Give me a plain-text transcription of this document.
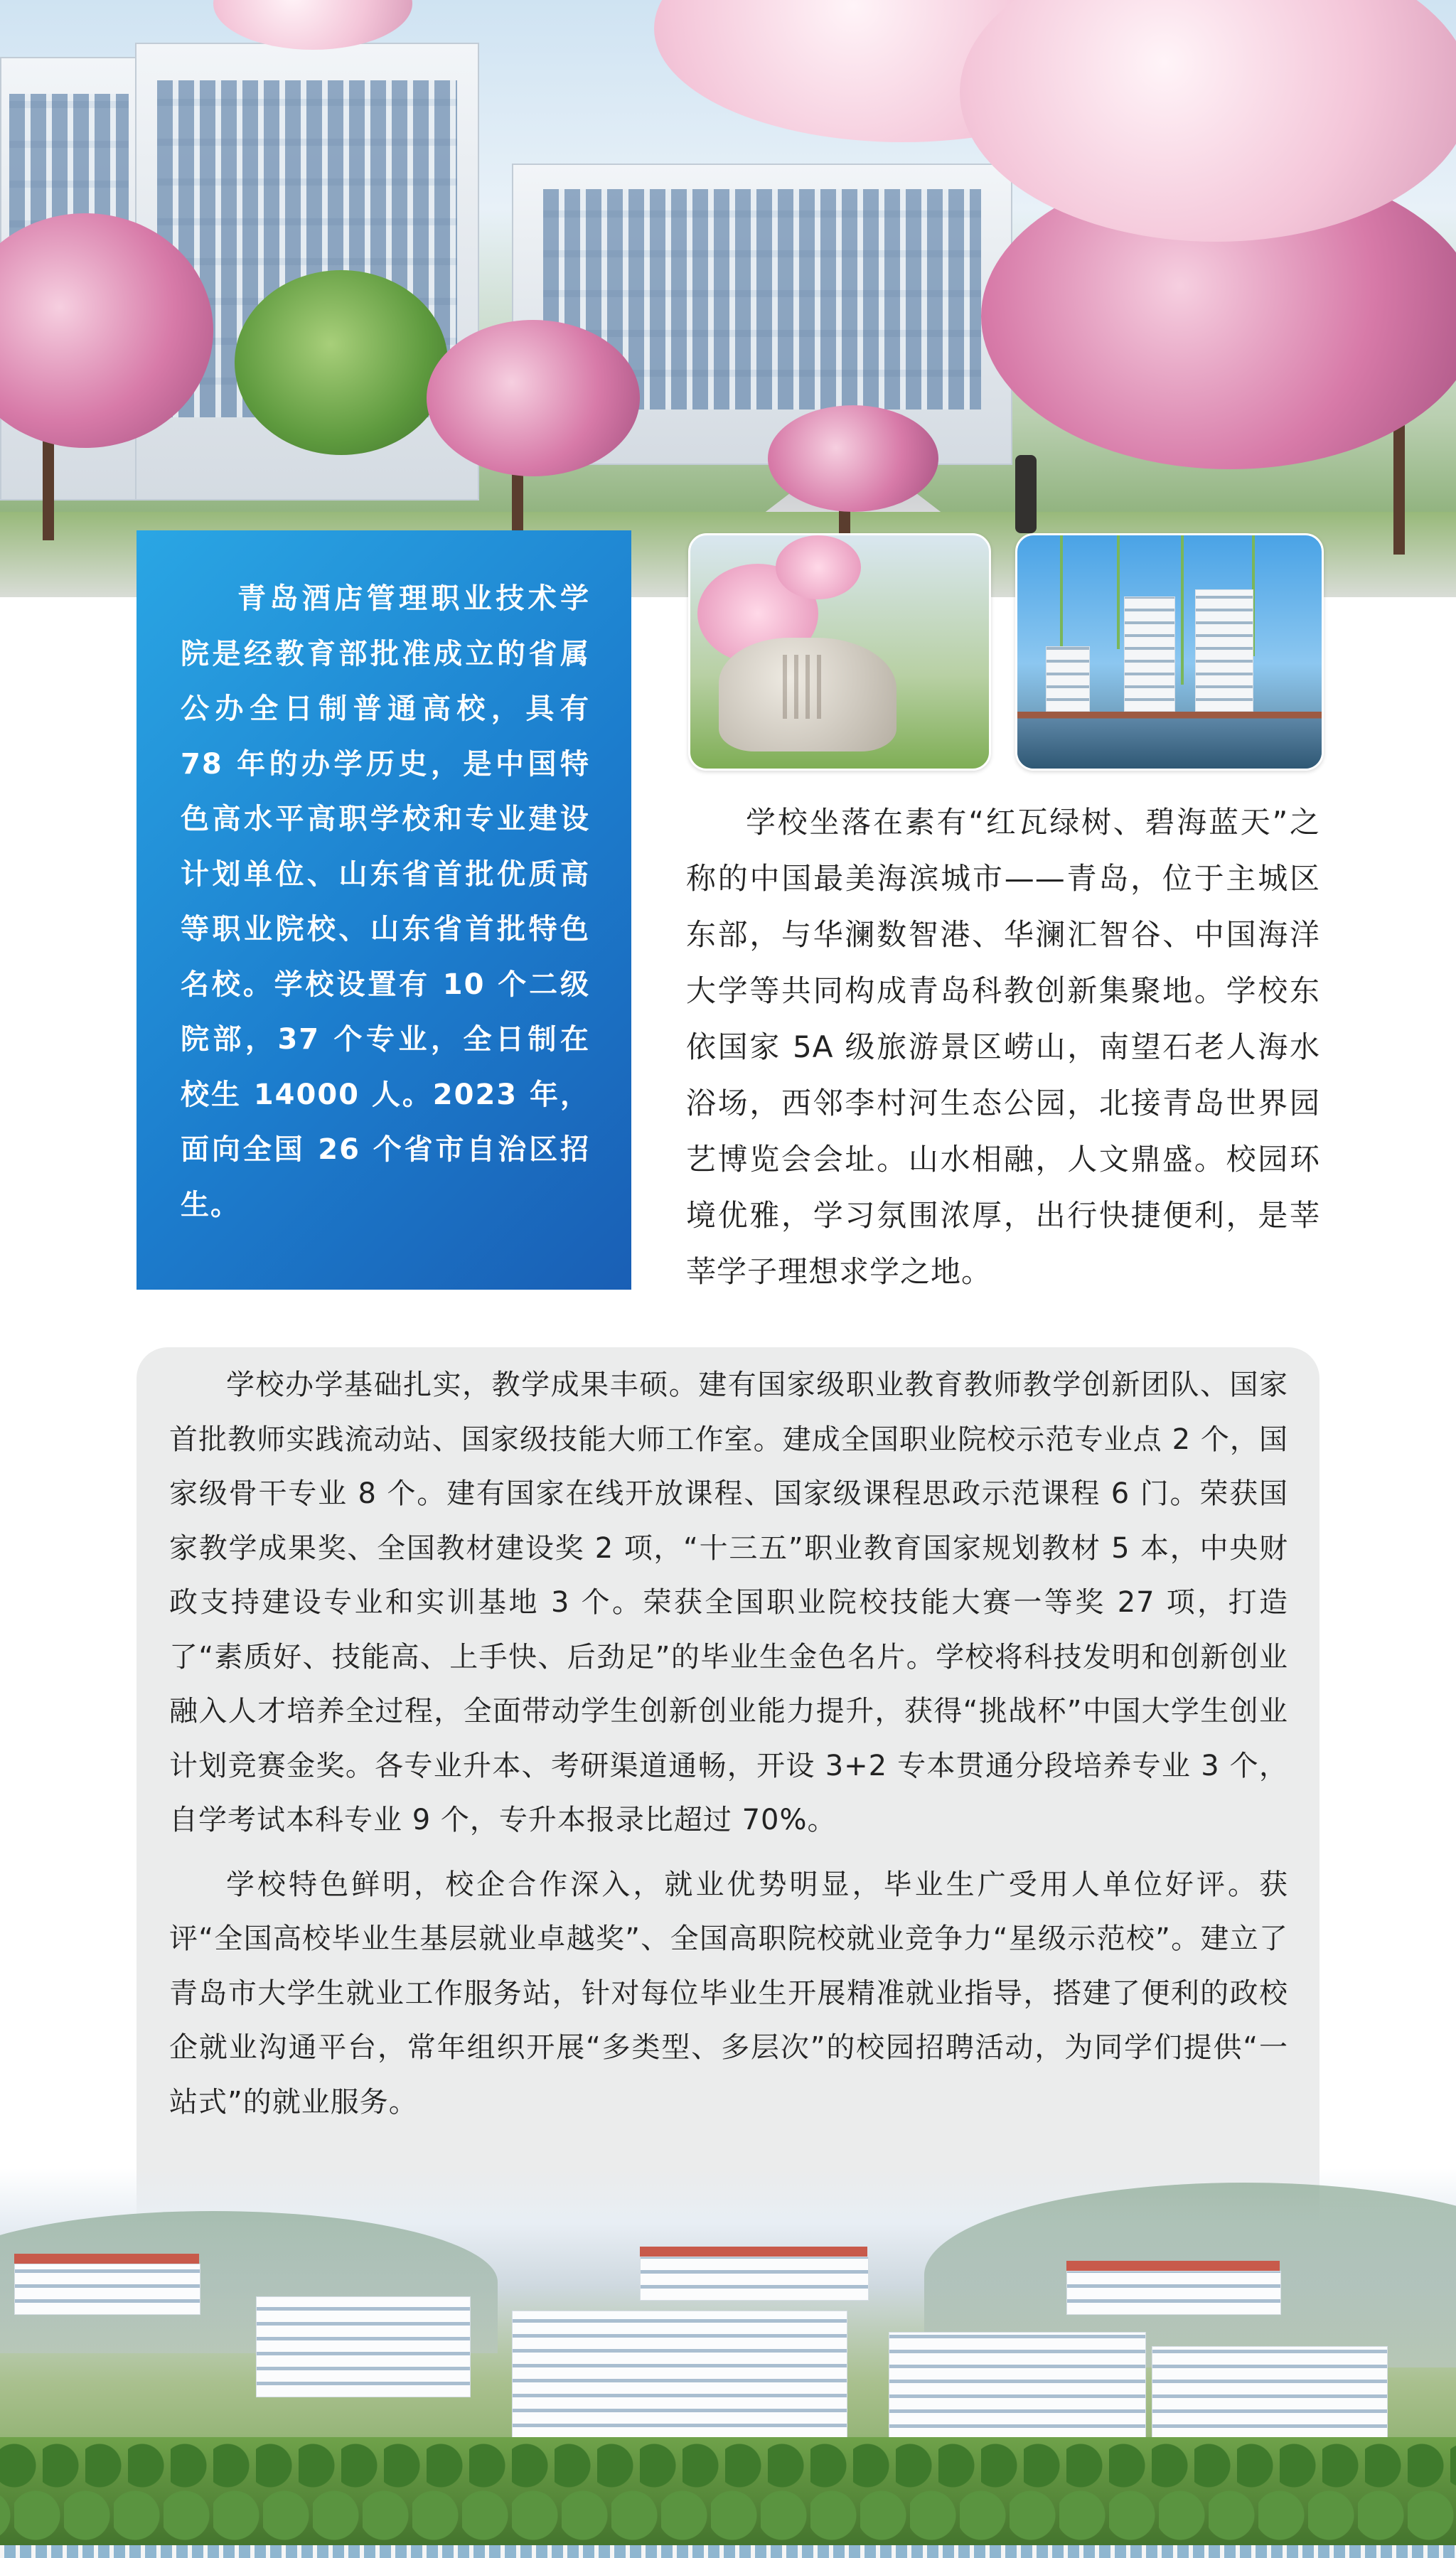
青岛酒店管理职业技术学院是经教育部批准成立的省属公办全日制普通高校，具有 78 年的办学历史，是中国特色高水平高职学校和专业建设计划单位、山东省首批优质高等职业院校、山东省首批特色名校。学校设置有 10 个二级院部，37 个专业，全日制在校生 14000 人。2023 年，面向全国 26 个省市自治区招生。

学校坐落在素有“红瓦绿树、碧海蓝天”之称的中国最美海滨城市——青岛，位于主城区东部，与华澜数智港、华澜汇智谷、中国海洋大学等共同构成青岛科教创新集聚地。学校东依国家 5A 级旅游景区崂山，南望石老人海水浴场，西邻李村河生态公园，北接青岛世界园艺博览会会址。山水相融，人文鼎盛。校园环境优雅，学习氛围浓厚，出行快捷便利，是莘莘学子理想求学之地。

学校办学基础扎实，教学成果丰硕。建有国家级职业教育教师教学创新团队、国家首批教师实践流动站、国家级技能大师工作室。建成全国职业院校示范专业点 2 个，国家级骨干专业 8 个。建有国家在线开放课程、国家级课程思政示范课程 6 门。荣获国家教学成果奖、全国教材建设奖 2 项，“十三五”职业教育国家规划教材 5 本，中央财政支持建设专业和实训基地 3 个。荣获全国职业院校技能大赛一等奖 27 项，打造了“素质好、技能高、上手快、后劲足”的毕业生金色名片。学校将科技发明和创新创业融入人才培养全过程，全面带动学生创新创业能力提升，获得“挑战杯”中国大学生创业计划竞赛金奖。各专业升本、考研渠道通畅，开设 3+2 专本贯通分段培养专业 3 个，自学考试本科专业 9 个，专升本报录比超过 70%。

学校特色鲜明，校企合作深入，就业优势明显，毕业生广受用人单位好评。获评“全国高校毕业生基层就业卓越奖”、全国高职院校就业竞争力“星级示范校”。建立了青岛市大学生就业工作服务站，针对每位毕业生开展精准就业指导，搭建了便利的政校企就业沟通平台，常年组织开展“多类型、多层次”的校园招聘活动，为同学们提供“一站式”的就业服务。
